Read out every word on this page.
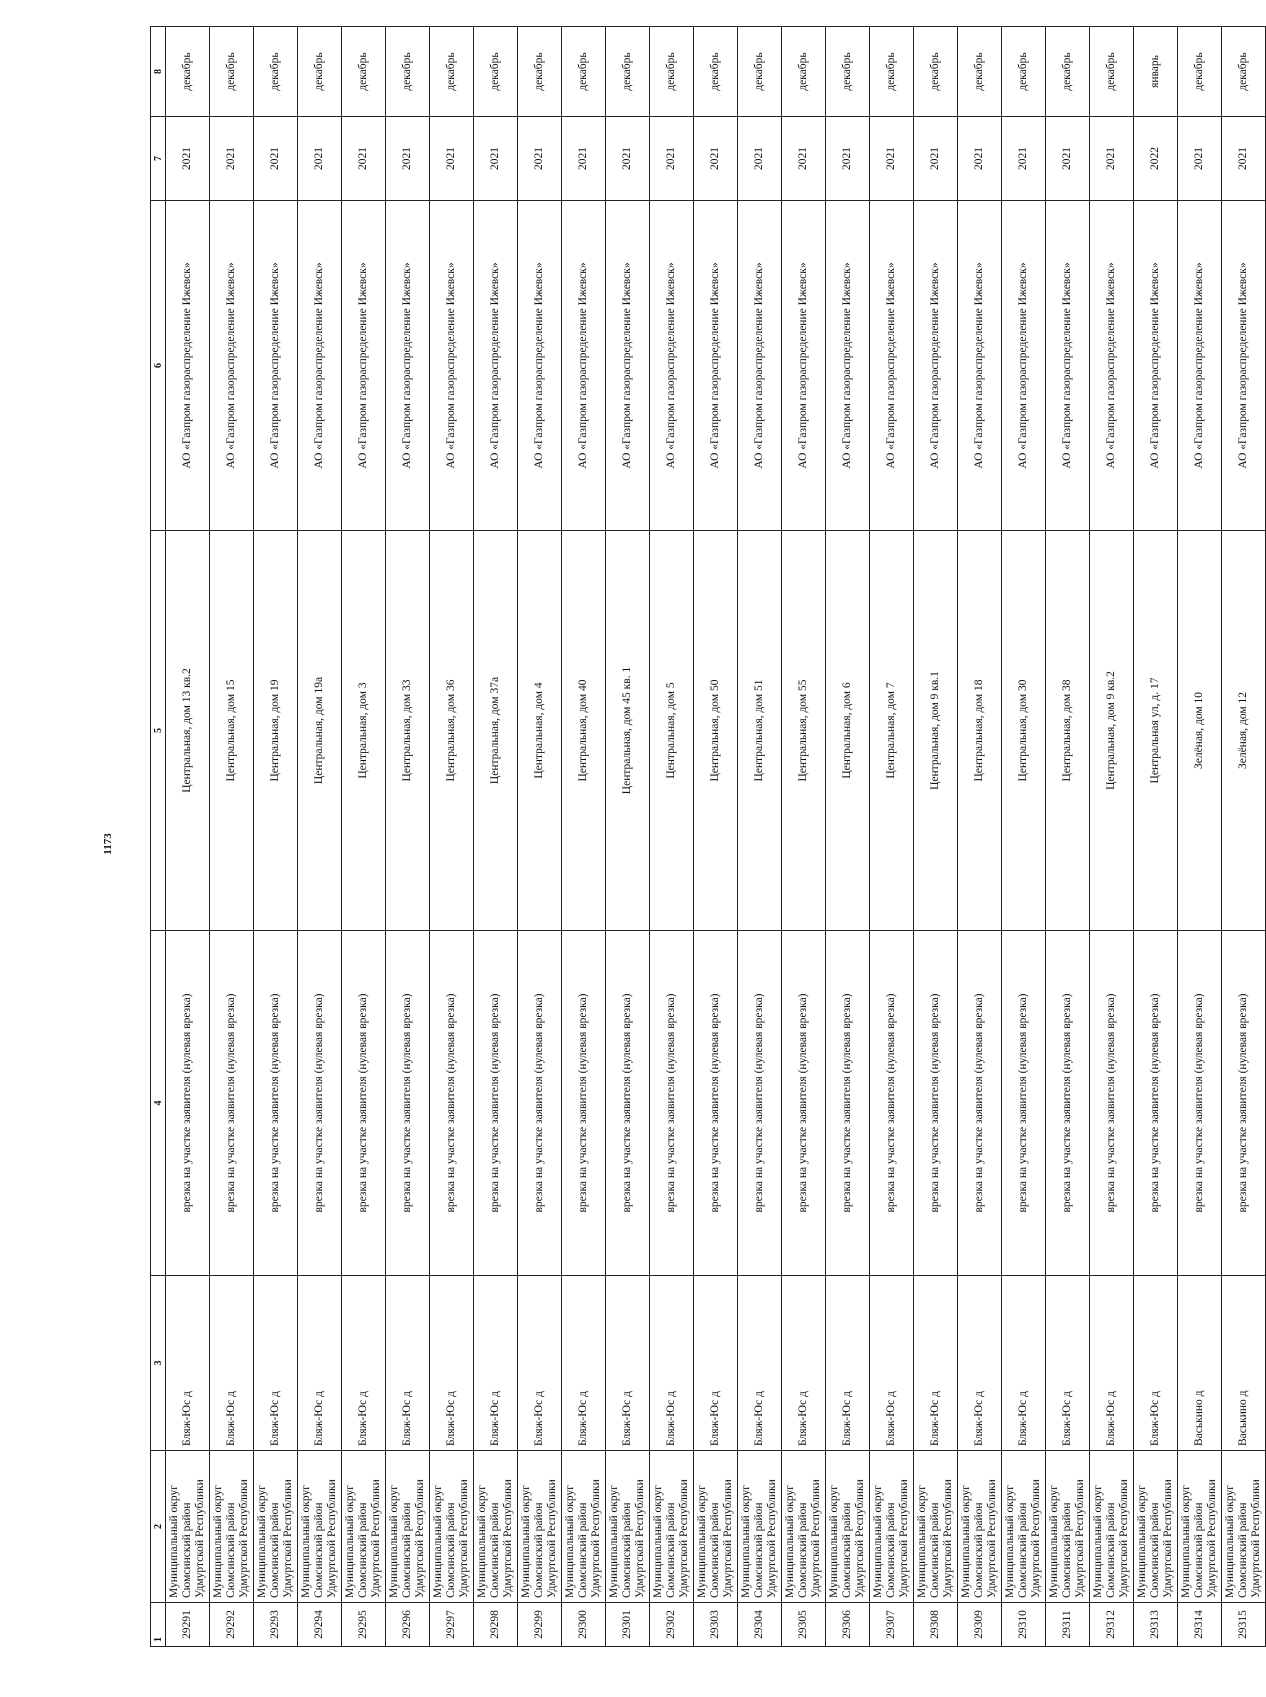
1173
1	2	3	4	5	6	7	8
29291	Муниципальный округ Сюмсинский район Удмуртской Республики	Бляж-Юс д	врезка на участке заявителя (нулевая врезка)	Центральная, дом 13 кв.2	АО «Газпром газораспределение Ижевск»	2021	декабрь
29292	Муниципальный округ Сюмсинский район Удмуртской Республики	Бляж-Юс д	врезка на участке заявителя (нулевая врезка)	Центральная, дом 15	АО «Газпром газораспределение Ижевск»	2021	декабрь
29293	Муниципальный округ Сюмсинский район Удмуртской Республики	Бляж-Юс д	врезка на участке заявителя (нулевая врезка)	Центральная, дом 19	АО «Газпром газораспределение Ижевск»	2021	декабрь
29294	Муниципальный округ Сюмсинский район Удмуртской Республики	Бляж-Юс д	врезка на участке заявителя (нулевая врезка)	Центральная, дом 19а	АО «Газпром газораспределение Ижевск»	2021	декабрь
29295	Муниципальный округ Сюмсинский район Удмуртской Республики	Бляж-Юс д	врезка на участке заявителя (нулевая врезка)	Центральная, дом 3	АО «Газпром газораспределение Ижевск»	2021	декабрь
29296	Муниципальный округ Сюмсинский район Удмуртской Республики	Бляж-Юс д	врезка на участке заявителя (нулевая врезка)	Центральная, дом 33	АО «Газпром газораспределение Ижевск»	2021	декабрь
29297	Муниципальный округ Сюмсинский район Удмуртской Республики	Бляж-Юс д	врезка на участке заявителя (нулевая врезка)	Центральная, дом 36	АО «Газпром газораспределение Ижевск»	2021	декабрь
29298	Муниципальный округ Сюмсинский район Удмуртской Республики	Бляж-Юс д	врезка на участке заявителя (нулевая врезка)	Центральная, дом 37а	АО «Газпром газораспределение Ижевск»	2021	декабрь
29299	Муниципальный округ Сюмсинский район Удмуртской Республики	Бляж-Юс д	врезка на участке заявителя (нулевая врезка)	Центральная, дом 4	АО «Газпром газораспределение Ижевск»	2021	декабрь
29300	Муниципальный округ Сюмсинский район Удмуртской Республики	Бляж-Юс д	врезка на участке заявителя (нулевая врезка)	Центральная, дом 40	АО «Газпром газораспределение Ижевск»	2021	декабрь
29301	Муниципальный округ Сюмсинский район Удмуртской Республики	Бляж-Юс д	врезка на участке заявителя (нулевая врезка)	Центральная, дом 45 кв. 1	АО «Газпром газораспределение Ижевск»	2021	декабрь
29302	Муниципальный округ Сюмсинский район Удмуртской Республики	Бляж-Юс д	врезка на участке заявителя (нулевая врезка)	Центральная, дом 5	АО «Газпром газораспределение Ижевск»	2021	декабрь
29303	Муниципальный округ Сюмсинский район Удмуртской Республики	Бляж-Юс д	врезка на участке заявителя (нулевая врезка)	Центральная, дом 50	АО «Газпром газораспределение Ижевск»	2021	декабрь
29304	Муниципальный округ Сюмсинский район Удмуртской Республики	Бляж-Юс д	врезка на участке заявителя (нулевая врезка)	Центральная, дом 51	АО «Газпром газораспределение Ижевск»	2021	декабрь
29305	Муниципальный округ Сюмсинский район Удмуртской Республики	Бляж-Юс д	врезка на участке заявителя (нулевая врезка)	Центральная, дом 55	АО «Газпром газораспределение Ижевск»	2021	декабрь
29306	Муниципальный округ Сюмсинский район Удмуртской Республики	Бляж-Юс д	врезка на участке заявителя (нулевая врезка)	Центральная, дом 6	АО «Газпром газораспределение Ижевск»	2021	декабрь
29307	Муниципальный округ Сюмсинский район Удмуртской Республики	Бляж-Юс д	врезка на участке заявителя (нулевая врезка)	Центральная, дом 7	АО «Газпром газораспределение Ижевск»	2021	декабрь
29308	Муниципальный округ Сюмсинский район Удмуртской Республики	Бляж-Юс д	врезка на участке заявителя (нулевая врезка)	Центральная, дом 9 кв.1	АО «Газпром газораспределение Ижевск»	2021	декабрь
29309	Муниципальный округ Сюмсинский район Удмуртской Республики	Бляж-Юс д	врезка на участке заявителя (нулевая врезка)	Центральная, дом 18	АО «Газпром газораспределение Ижевск»	2021	декабрь
29310	Муниципальный округ Сюмсинский район Удмуртской Республики	Бляж-Юс д	врезка на участке заявителя (нулевая врезка)	Центральная, дом 30	АО «Газпром газораспределение Ижевск»	2021	декабрь
29311	Муниципальный округ Сюмсинский район Удмуртской Республики	Бляж-Юс д	врезка на участке заявителя (нулевая врезка)	Центральная, дом 38	АО «Газпром газораспределение Ижевск»	2021	декабрь
29312	Муниципальный округ Сюмсинский район Удмуртской Республики	Бляж-Юс д	врезка на участке заявителя (нулевая врезка)	Центральная, дом 9 кв.2	АО «Газпром газораспределение Ижевск»	2021	декабрь
29313	Муниципальный округ Сюмсинский район Удмуртской Республики	Бляж-Юс д	врезка на участке заявителя (нулевая врезка)	Центральная ул, д. 17	АО «Газпром газораспределение Ижевск»	2022	январь
29314	Муниципальный округ Сюмсинский район Удмуртской Республики	Васькино д	врезка на участке заявителя (нулевая врезка)	Зелёная, дом 10	АО «Газпром газораспределение Ижевск»	2021	декабрь
29315	Муниципальный округ Сюмсинский район Удмуртской Республики	Васькино д	врезка на участке заявителя (нулевая врезка)	Зелёная, дом 12	АО «Газпром газораспределение Ижевск»	2021	декабрь
